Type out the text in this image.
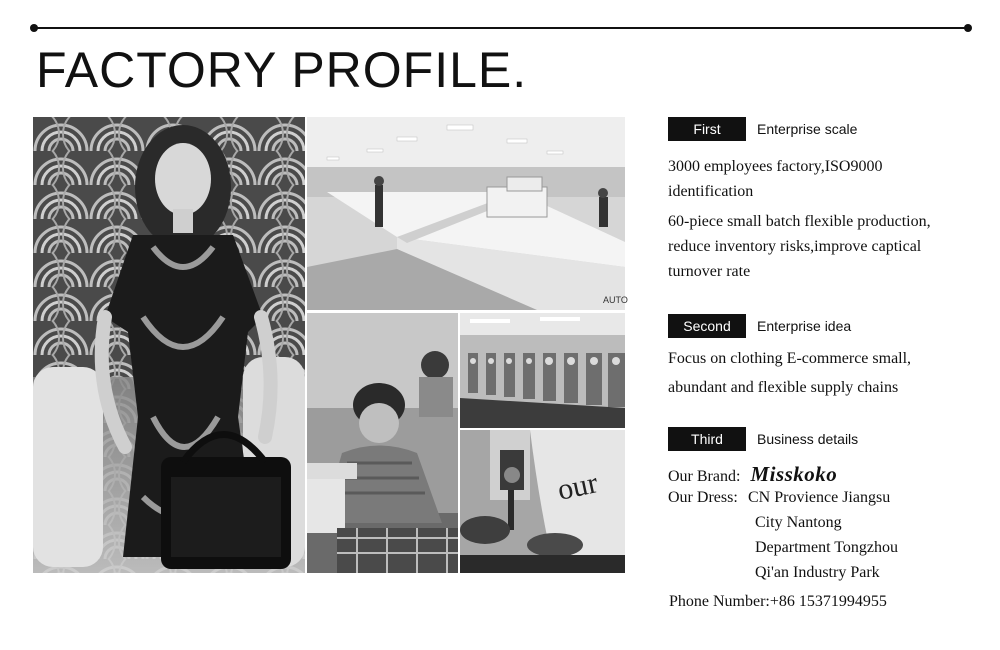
FACTORY PROFILE.
AUTO
our
First	Enterprise scale
3000 employees factory,ISO9000 identification
60-piece small batch flexible production, reduce inventory risks,improve captical turnover rate
Second	Enterprise idea
Focus on clothing E-commerce small,
abundant and flexible supply chains
Third	Business details
Our Brand: Misskoko
Our Dress: CN Provience Jiangsu
City Nantong
Department Tongzhou
Qi'an Industry Park
Phone Number:+86 15371994955
